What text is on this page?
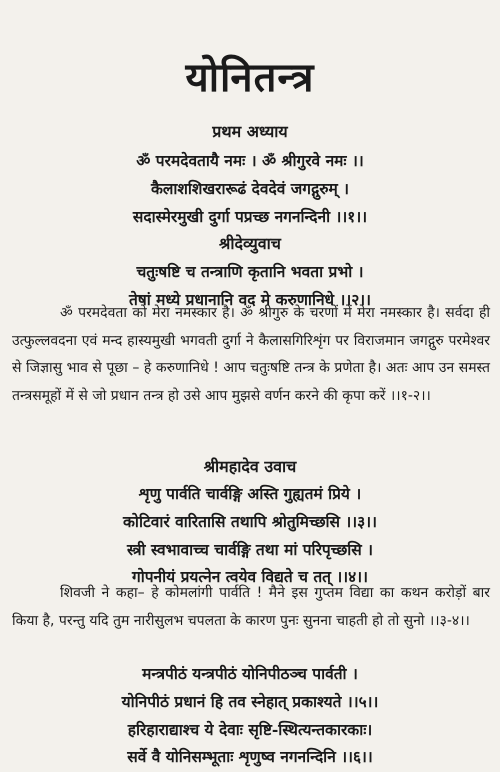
योनितन्त्र
प्रथम अध्याय
ॐ परमदेवतायै नमः । ॐ श्रीगुरवे नमः ।।
कैलाशशिखरारूढं देवदेवं जगद्गुरुम् ।
सदास्मेरमुखी दुर्गा पप्रच्छ नगनन्दिनी ।।१।।
श्रीदेव्युवाच
चतुःषष्टि च तन्त्राणि कृतानि भवता प्रभो ।
तेषां मध्ये प्रधानानि वद मे करुणानिधे ।।२।।

ॐ परमदेवता को मेरा नमस्कार है। ॐ श्रीगुरु के चरणों में मेरा नमस्कार है। सर्वदा ही उत्फुल्लवदना एवं मन्द हास्यमुखी भगवती दुर्गा ने कैलासगिरिशृंग पर विराजमान जगद्गुरु परमेश्वर से जिज्ञासु भाव से पूछा – हे करुणानिधे ! आप चतुःषष्टि तन्त्र के प्रणेता है। अतः आप उन समस्त तन्त्रसमूहों में से जो प्रधान तन्त्र हो उसे आप मुझसे वर्णन करने की कृपा करें ।।१-२।।

श्रीमहादेव उवाच
शृणु पार्वति चार्वङ्गि अस्ति गुह्यतमं प्रिये ।
कोटिवारं वारितासि तथापि श्रोतुमिच्छसि ।।३।।
स्त्री स्वभावाच्च चार्वङ्गि तथा मां परिपृच्छसि ।
गोपनीयं प्रयत्नेन त्वयेव विद्यते च तत् ।।४।।

शिवजी ने कहा– हे कोमलांगी पार्वति ! मैने इस गुप्तम विद्या का कथन करोड़ों बार किया है, परन्तु यदि तुम नारीसुलभ चपलता के कारण पुनः सुनना चाहती हो तो सुनो ।।३-४।।

मन्त्रपीठं यन्त्रपीठं योनिपीठञ्च पार्वती ।
योनिपीठं प्रधानं हि तव स्नेहात् प्रकाश्यते ।।५।।
हरिहाराद्याश्च ये देवाः सृष्टि-स्थित्यन्तकारकाः।
सर्वे वै योनिसम्भूताः शृणुष्व नगनन्दिनि ।।६।।
